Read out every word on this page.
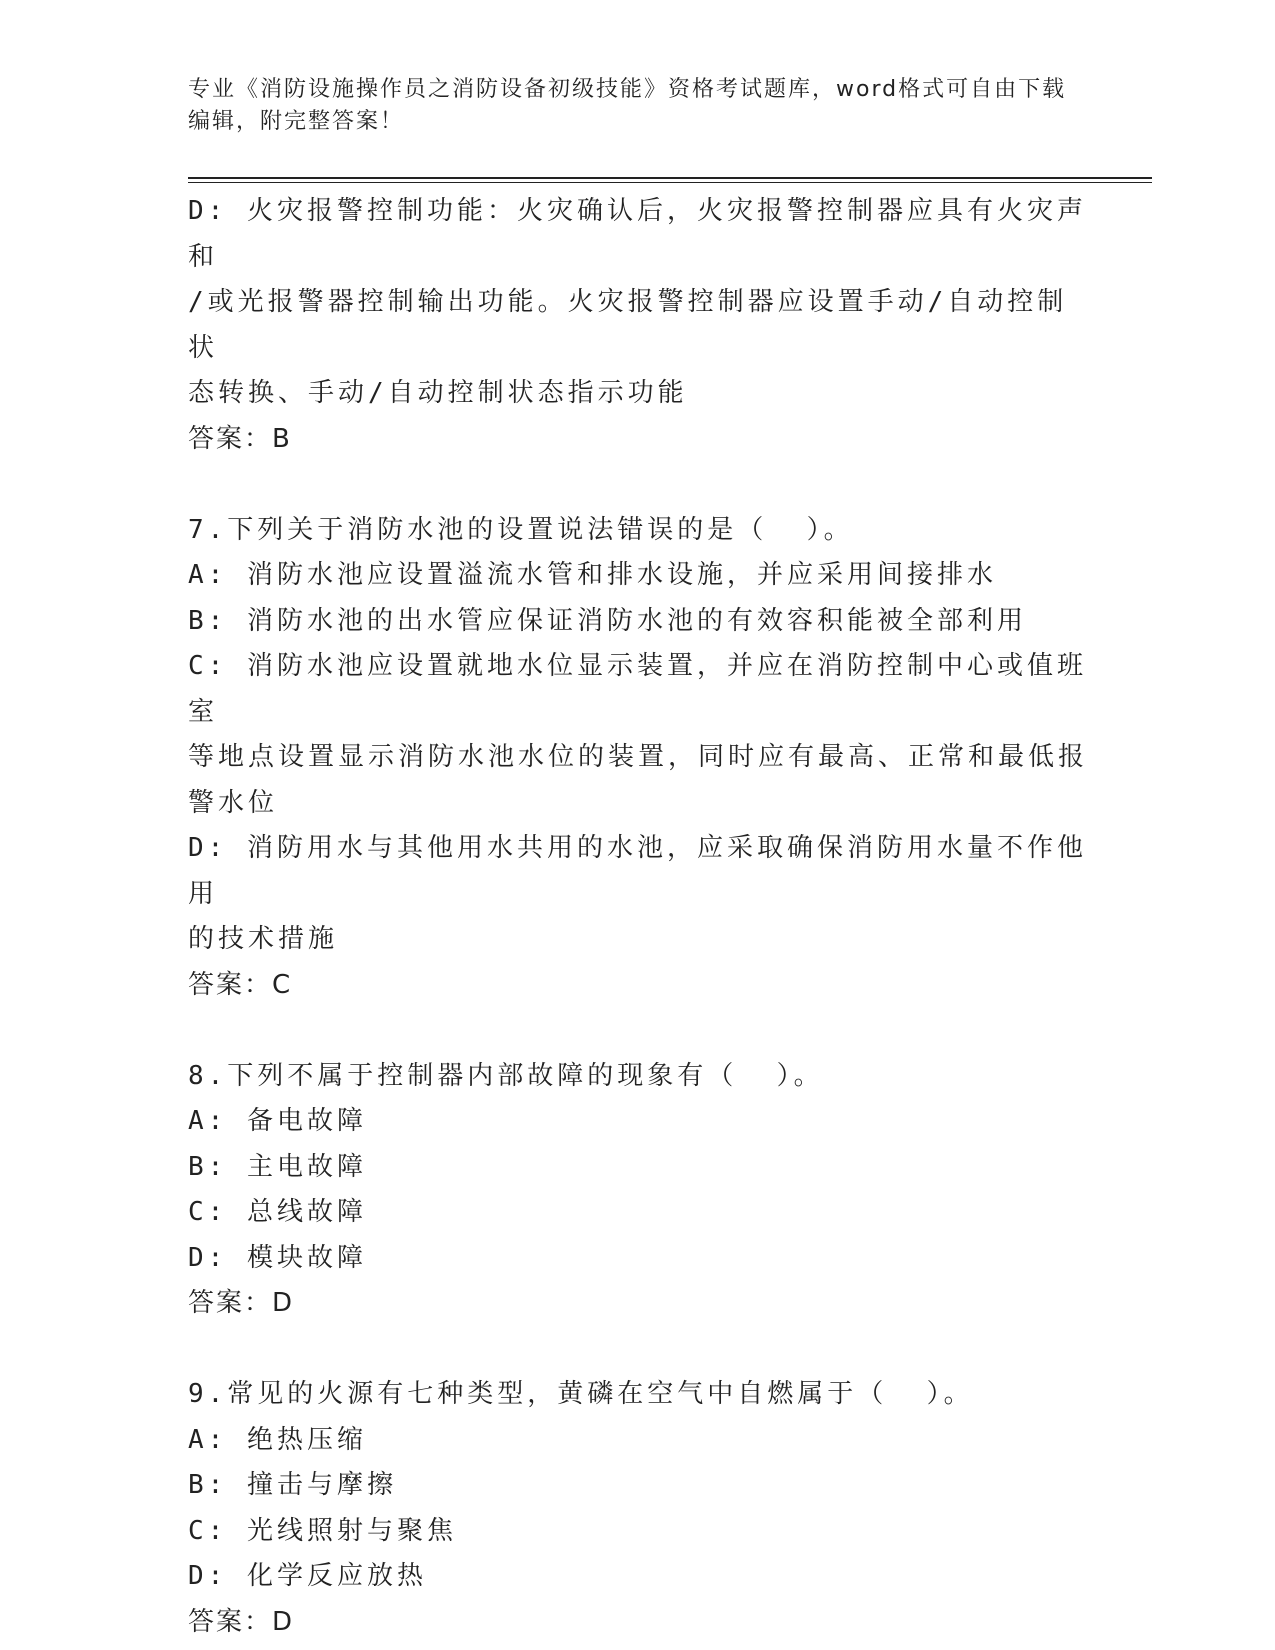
专业《消防设施操作员之消防设备初级技能》资格考试题库，word格式可自由下载编辑，附完整答案！
D: 火灾报警控制功能：火灾确认后，火灾报警控制器应具有火灾声和
/或光报警器控制输出功能。火灾报警控制器应设置手动/自动控制状
态转换、手动/自动控制状态指示功能
答案：B
7.下列关于消防水池的设置说法错误的是（  ）。
A: 消防水池应设置溢流水管和排水设施，并应采用间接排水
B: 消防水池的出水管应保证消防水池的有效容积能被全部利用
C: 消防水池应设置就地水位显示装置，并应在消防控制中心或值班室
等地点设置显示消防水池水位的装置，同时应有最高、正常和最低报
警水位
D: 消防用水与其他用水共用的水池，应采取确保消防用水量不作他用
的技术措施
答案：C
8.下列不属于控制器内部故障的现象有（  ）。
A: 备电故障
B: 主电故障
C: 总线故障
D: 模块故障
答案：D
9.常见的火源有七种类型，黄磷在空气中自燃属于（  ）。
A: 绝热压缩
B: 撞击与摩擦
C: 光线照射与聚焦
D: 化学反应放热
答案：D
